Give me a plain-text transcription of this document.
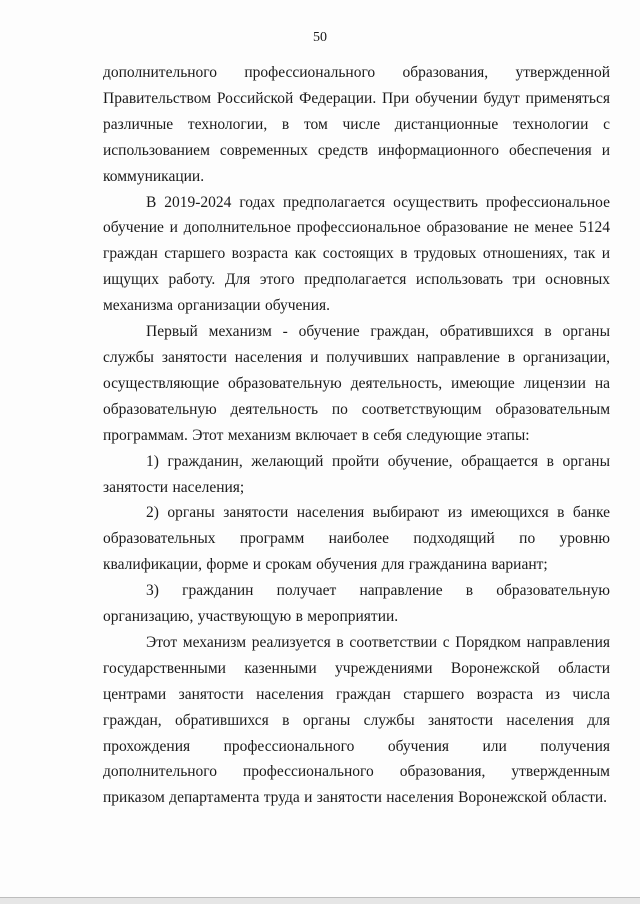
50

дополнительного профессионального образования, утвержденной Правительством Российской Федерации. При обучении будут применяться различные технологии, в том числе дистанционные технологии с использованием современных средств информационного обеспечения и коммуникации.

В 2019-2024 годах предполагается осуществить профессиональное обучение и дополнительное профессиональное образование не менее 5124 граждан старшего возраста как состоящих в трудовых отношениях, так и ищущих работу. Для этого предполагается использовать три основных механизма организации обучения.

Первый механизм - обучение граждан, обратившихся в органы службы занятости населения и получивших направление в организации, осуществляющие образовательную деятельность, имеющие лицензии на образовательную деятельность по соответствующим образовательным программам. Этот механизм включает в себя следующие этапы:

1) гражданин, желающий пройти обучение, обращается в органы занятости населения;

2) органы занятости населения выбирают из имеющихся в банке образовательных программ наиболее подходящий по уровню квалификации, форме и срокам обучения для гражданина вариант;

3) гражданин получает направление в образовательную организацию, участвующую в мероприятии.

Этот механизм реализуется в соответствии с Порядком направления государственными казенными учреждениями Воронежской области центрами занятости населения граждан старшего возраста из числа граждан, обратившихся в органы службы занятости населения для прохождения профессионального обучения или получения дополнительного профессионального образования, утвержденным приказом департамента труда и занятости населения Воронежской области.
